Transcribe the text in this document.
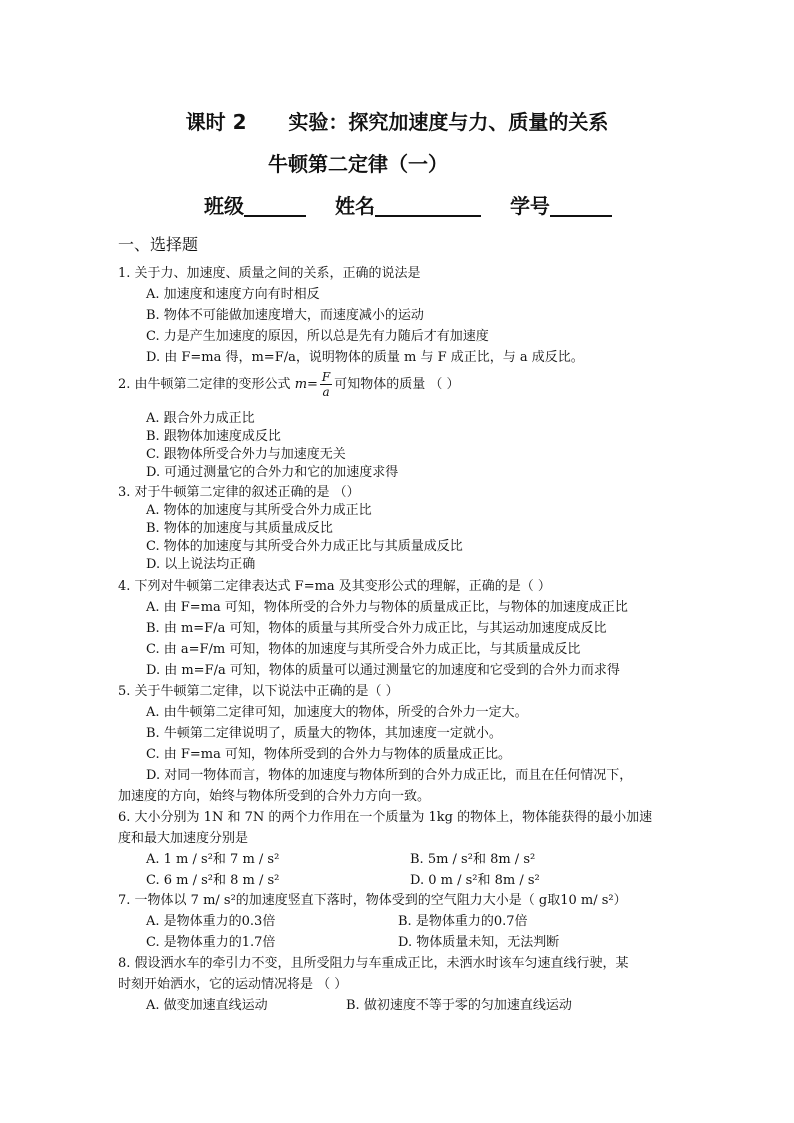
课时 2      实验：探究加速度与力、质量的关系
牛顿第二定律（一）
班级	姓名	学号
一、选择题
1. 关于力、加速度、质量之间的关系，正确的说法是
A. 加速度和速度方向有时相反
B. 物体不可能做加速度增大，而速度减小的运动
C. 力是产生加速度的原因，所以总是先有力随后才有加速度
D. 由 F=ma 得，m=F/a，说明物体的质量 m 与 F 成正比，与 a 成反比。
2. 由牛顿第二定律的变形公式 $m= \frac{F}{a}$ 可知物体的质量 （ ）
A. 跟合外力成正比
B. 跟物体加速度成反比
C. 跟物体所受合外力与加速度无关
D. 可通过测量它的合外力和它的加速度求得
3. 对于牛顿第二定律的叙述正确的是 （）
A. 物体的加速度与其所受合外力成正比
B. 物体的加速度与其质量成反比
C. 物体的加速度与其所受合外力成正比与其质量成反比
D. 以上说法均正确
4. 下列对牛顿第二定律表达式 F=ma 及其变形公式的理解，正确的是（ ）
A. 由 F=ma 可知，物体所受的合外力与物体的质量成正比，与物体的加速度成正比
B. 由 m=F/a 可知，物体的质量与其所受合外力成正比，与其运动加速度成反比
C. 由 a=F/m 可知，物体的加速度与其所受合外力成正比，与其质量成反比
D. 由 m=F/a 可知，物体的质量可以通过测量它的加速度和它受到的合外力而求得
5. 关于牛顿第二定律，以下说法中正确的是（ ）
A. 由牛顿第二定律可知，加速度大的物体，所受的合外力一定大。
B. 牛顿第二定律说明了，质量大的物体，其加速度一定就小。
C. 由 F=ma 可知，物体所受到的合外力与物体的质量成正比。
D. 对同一物体而言，物体的加速度与物体所到的合外力成正比，而且在任何情况下，
加速度的方向，始终与物体所受到的合外力方向一致。
6. 大小分别为 1N 和 7N 的两个力作用在一个质量为 1kg 的物体上，物体能获得的最小加速
度和最大加速度分别是
A. 1 m / s²和 7 m / s²	B. 5m / s²和 8m / s²
C. 6 m / s²和 8 m / s²	D. 0 m / s²和 8m / s²
7. 一物体以 7 m/ s²的加速度竖直下落时，物体受到的空气阻力大小是（ g取10 m/ s²）
A. 是物体重力的0.3倍	B. 是物体重力的0.7倍
C. 是物体重力的1.7倍	D. 物体质量未知，无法判断
8. 假设洒水车的牵引力不变，且所受阻力与车重成正比，未洒水时该车匀速直线行驶，某
时刻开始洒水，它的运动情况将是 （ ）
A. 做变加速直线运动	B. 做初速度不等于零的匀加速直线运动
